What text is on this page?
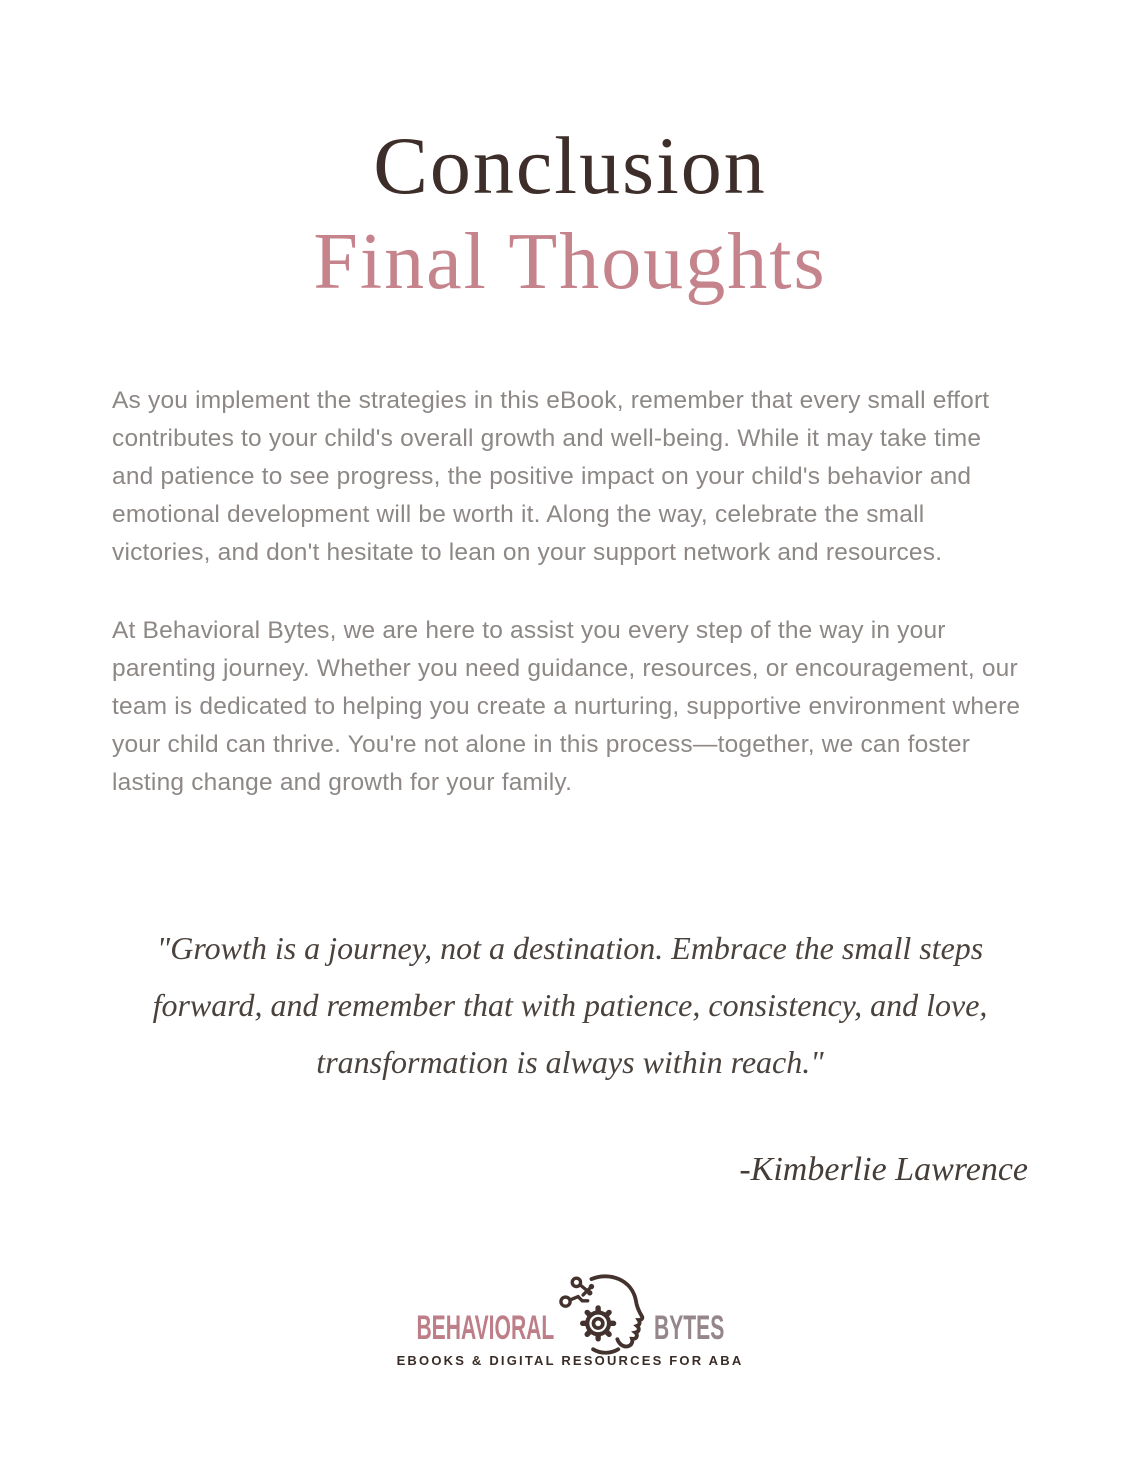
Conclusion
Final Thoughts

As you implement the strategies in this eBook, remember that every small effort contributes to your child's overall growth and well-being. While it may take time and patience to see progress, the positive impact on your child's behavior and emotional development will be worth it. Along the way, celebrate the small victories, and don't hesitate to lean on your support network and resources.

At Behavioral Bytes, we are here to assist you every step of the way in your parenting journey. Whether you need guidance, resources, or encouragement, our team is dedicated to helping you create a nurturing, supportive environment where your child can thrive. You're not alone in this process—together, we can foster lasting change and growth for your family.

"Growth is a journey, not a destination. Embrace the small steps
forward, and remember that with patience, consistency, and love,
transformation is always within reach."
-Kimberlie Lawrence
BEHAVIORAL	BYTES
EBOOKS & DIGITAL RESOURCES FOR ABA
